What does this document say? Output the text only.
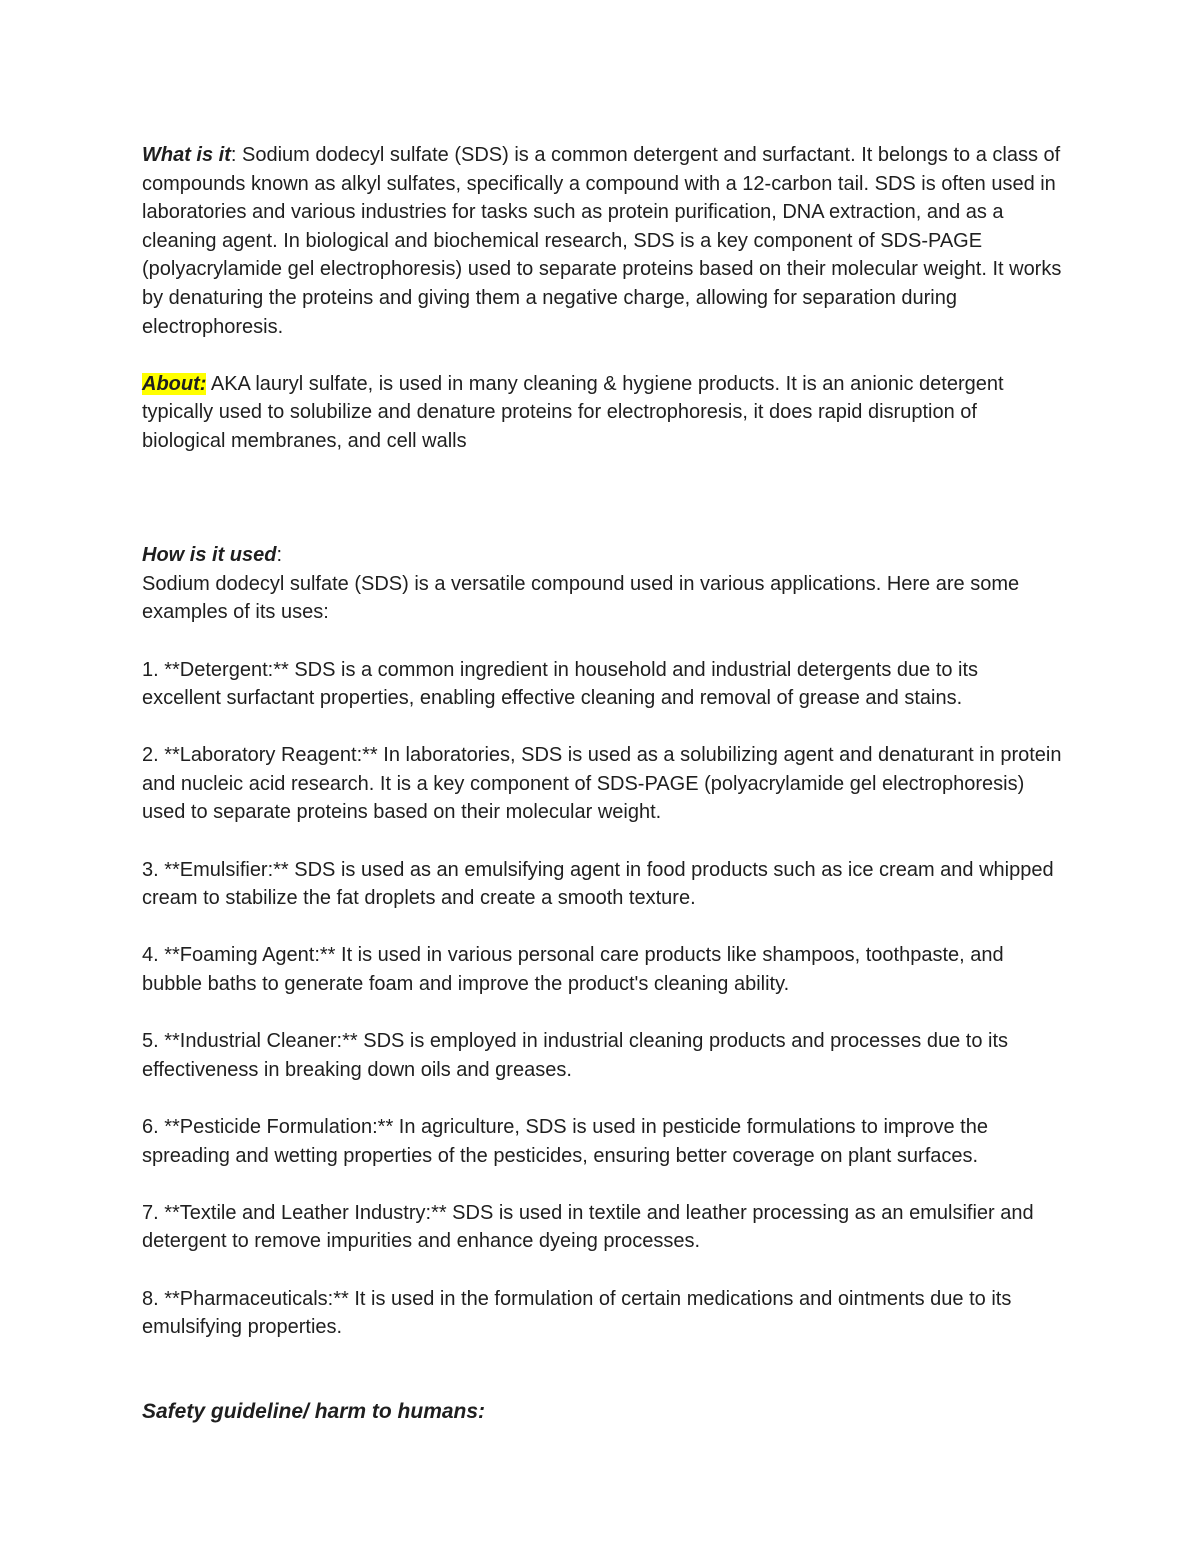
What is it: Sodium dodecyl sulfate (SDS) is a common detergent and surfactant. It belongs to a class of compounds known as alkyl sulfates, specifically a compound with a 12-carbon tail. SDS is often used in laboratories and various industries for tasks such as protein purification, DNA extraction, and as a cleaning agent. In biological and biochemical research, SDS is a key component of SDS-PAGE (polyacrylamide gel electrophoresis) used to separate proteins based on their molecular weight. It works by denaturing the proteins and giving them a negative charge, allowing for separation during electrophoresis.

About: AKA lauryl sulfate, is used in many cleaning & hygiene products. It is an anionic detergent typically used to solubilize and denature proteins for electrophoresis, it does rapid disruption of biological membranes, and cell walls

How is it used:

Sodium dodecyl sulfate (SDS) is a versatile compound used in various applications. Here are some examples of its uses:

1. **Detergent:** SDS is a common ingredient in household and industrial detergents due to its excellent surfactant properties, enabling effective cleaning and removal of grease and stains.

2. **Laboratory Reagent:** In laboratories, SDS is used as a solubilizing agent and denaturant in protein and nucleic acid research. It is a key component of SDS-PAGE (polyacrylamide gel electrophoresis) used to separate proteins based on their molecular weight.

3. **Emulsifier:** SDS is used as an emulsifying agent in food products such as ice cream and whipped cream to stabilize the fat droplets and create a smooth texture.

4. **Foaming Agent:** It is used in various personal care products like shampoos, toothpaste, and bubble baths to generate foam and improve the product's cleaning ability.

5. **Industrial Cleaner:** SDS is employed in industrial cleaning products and processes due to its effectiveness in breaking down oils and greases.

6. **Pesticide Formulation:** In agriculture, SDS is used in pesticide formulations to improve the spreading and wetting properties of the pesticides, ensuring better coverage on plant surfaces.

7. **Textile and Leather Industry:** SDS is used in textile and leather processing as an emulsifier and detergent to remove impurities and enhance dyeing processes.

8. **Pharmaceuticals:** It is used in the formulation of certain medications and ointments due to its emulsifying properties.

Safety guideline/ harm to humans:
